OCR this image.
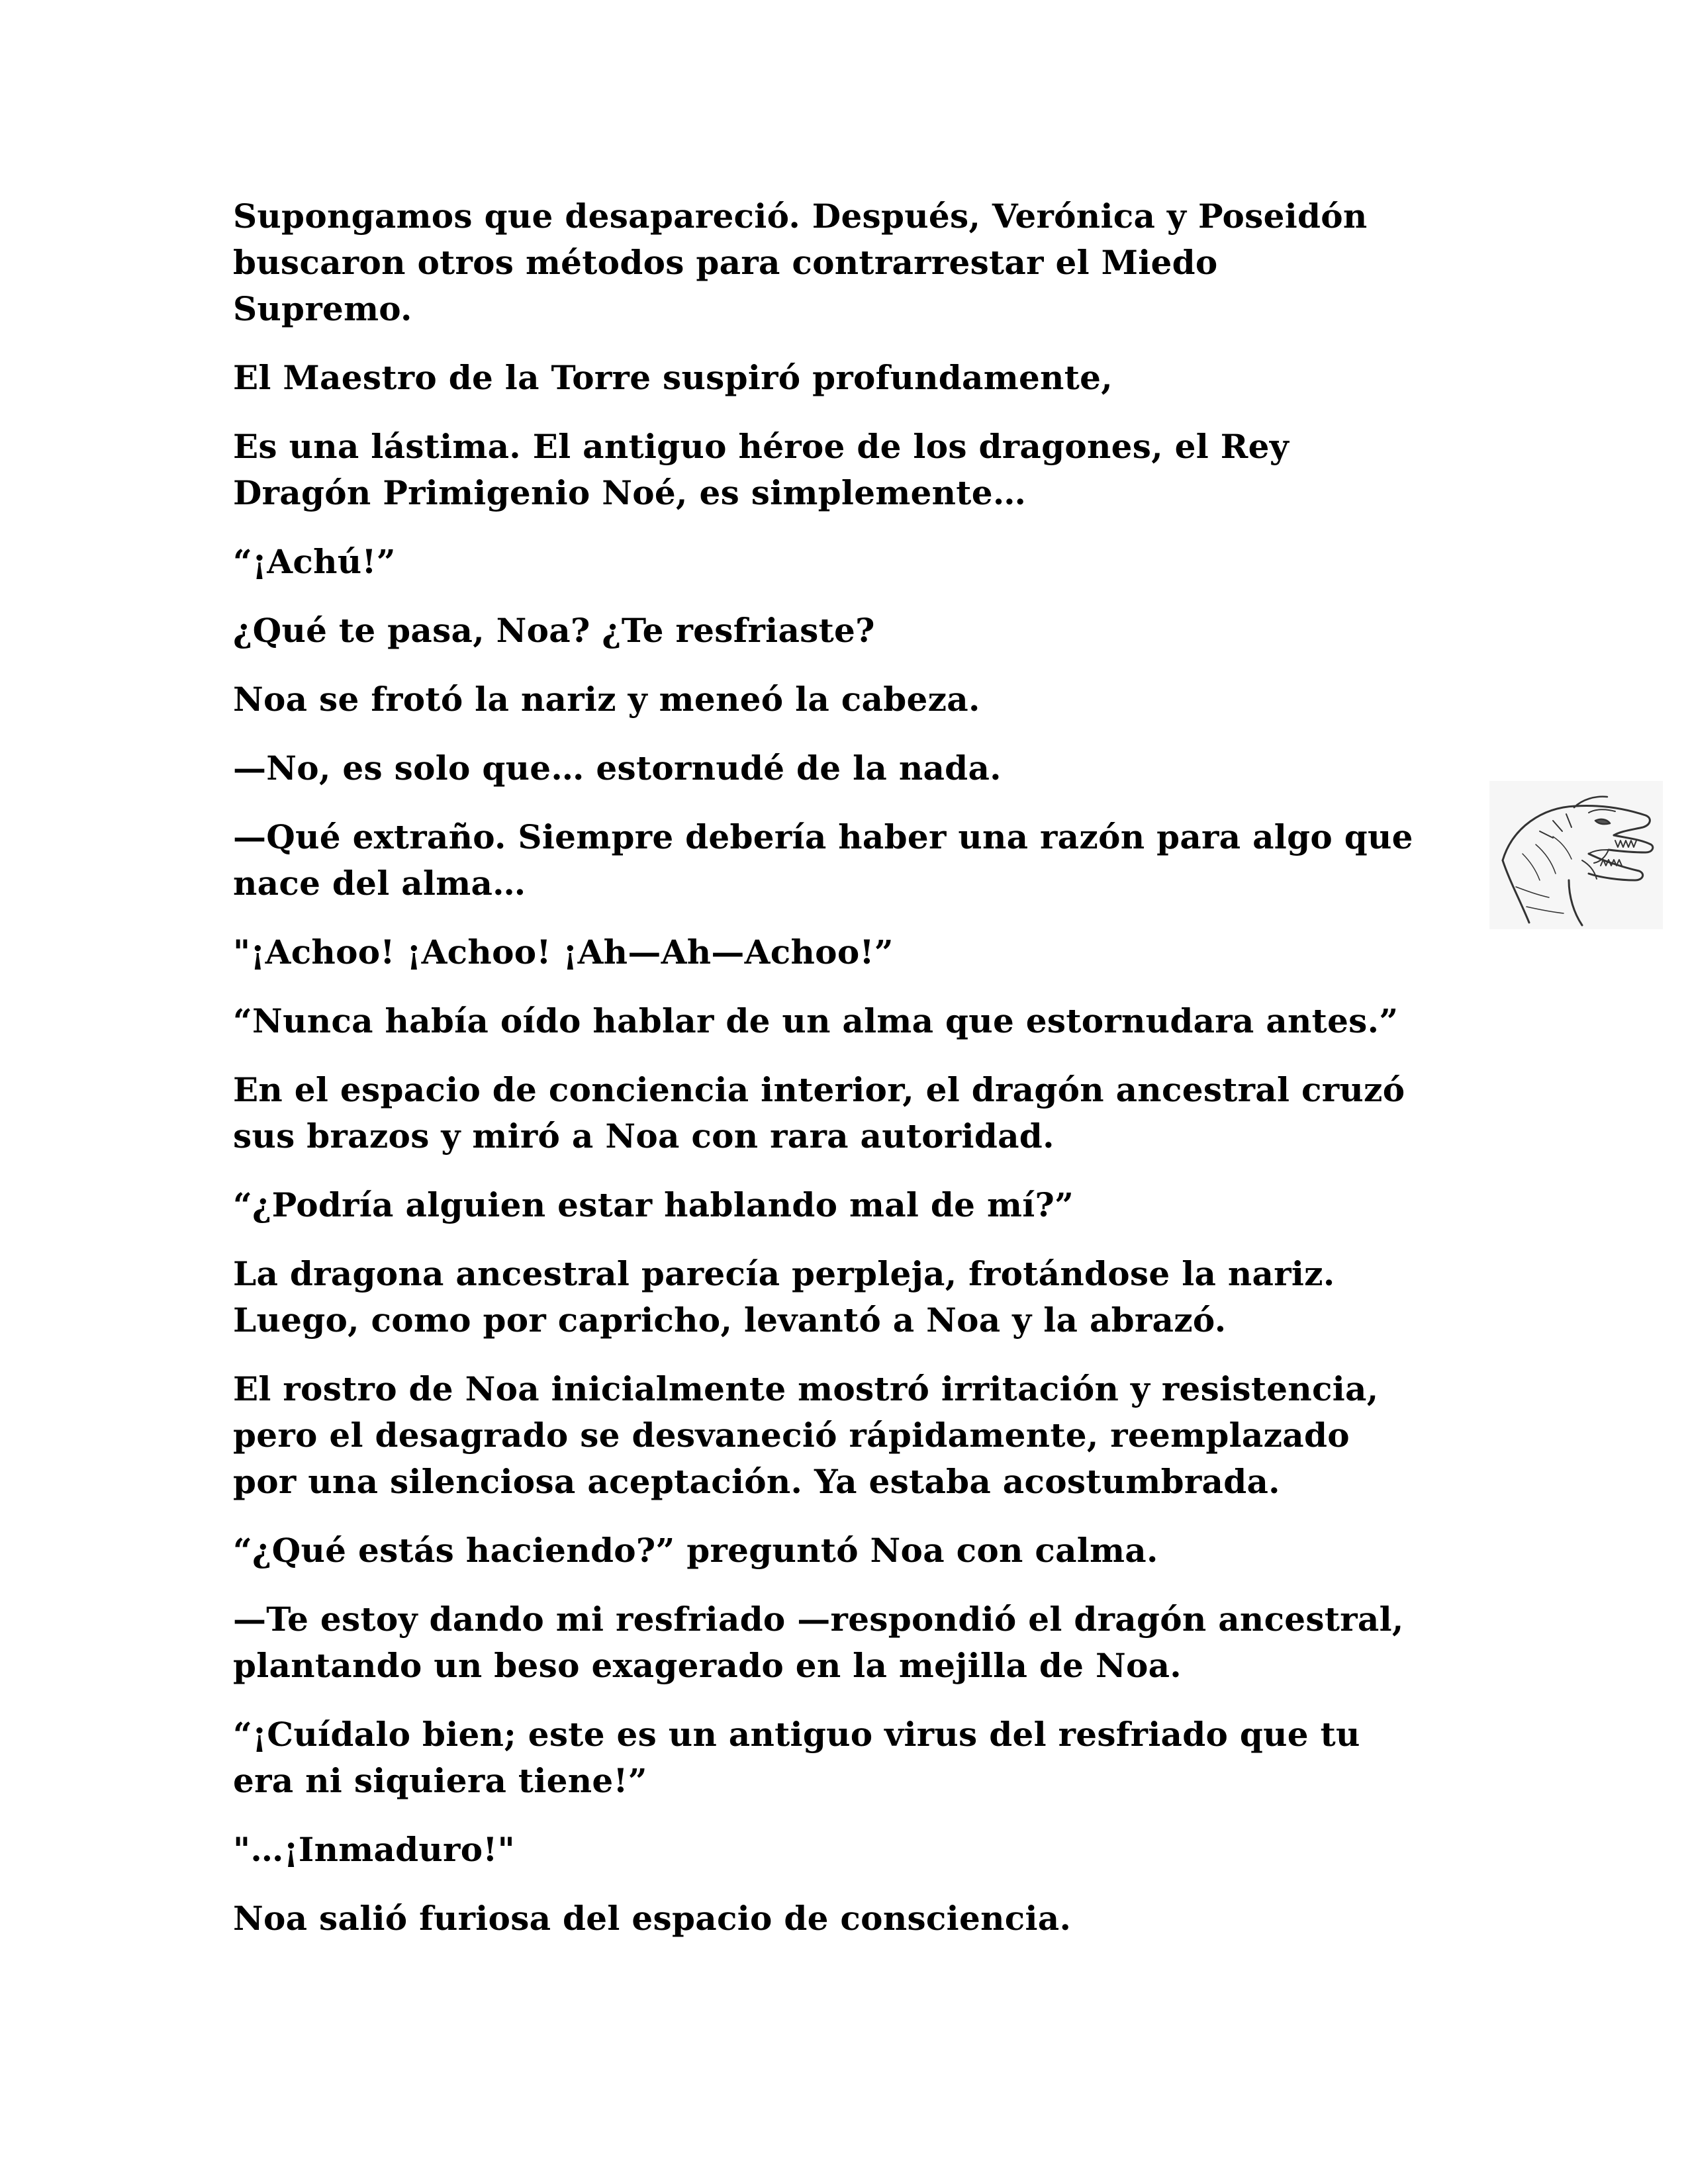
Supongamos que desapareció. Después, Verónica y Poseidón
buscaron otros métodos para contrarrestar el Miedo
Supremo.

El Maestro de la Torre suspiró profundamente,

Es una lástima. El antiguo héroe de los dragones, el Rey
Dragón Primigenio Noé, es simplemente…

“¡Achú!”

¿Qué te pasa, Noa? ¿Te resfriaste?

Noa se frotó la nariz y meneó la cabeza.

—No, es solo que… estornudé de la nada.

—Qué extraño. Siempre debería haber una razón para algo que
nace del alma…

"¡Achoo! ¡Achoo! ¡Ah—Ah—Achoo!”

“Nunca había oído hablar de un alma que estornudara antes.”

En el espacio de conciencia interior, el dragón ancestral cruzó
sus brazos y miró a Noa con rara autoridad.

“¿Podría alguien estar hablando mal de mí?”

La dragona ancestral parecía perpleja, frotándose la nariz.
Luego, como por capricho, levantó a Noa y la abrazó.

El rostro de Noa inicialmente mostró irritación y resistencia,
pero el desagrado se desvaneció rápidamente, reemplazado
por una silenciosa aceptación. Ya estaba acostumbrada.

“¿Qué estás haciendo?” preguntó Noa con calma.

—Te estoy dando mi resfriado —respondió el dragón ancestral,
plantando un beso exagerado en la mejilla de Noa.

“¡Cuídalo bien; este es un antiguo virus del resfriado que tu
era ni siquiera tiene!”

"…¡Inmaduro!"

Noa salió furiosa del espacio de consciencia.
